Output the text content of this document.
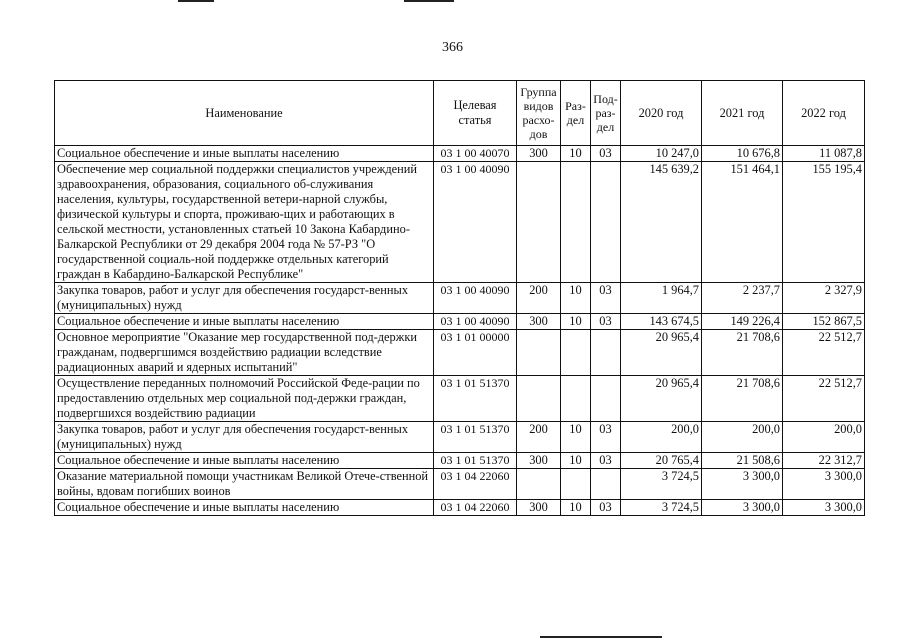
366
Наименование	Целевая статья	Группа видов расхо-дов	Раз-дел	Под-раз-дел	2020 год	2021 год	2022 год
Социальное обеспечение и иные выплаты населению	03 1 00 40070	300	10	03	10 247,0	10 676,8	11 087,8
Обеспечение мер социальной поддержки специалистов учреждений здравоохранения, образования, социального об-служивания населения, культуры, государственной ветери-нарной службы, физической культуры и спорта, проживаю-щих и работающих в сельской местности, установленных статьей 10 Закона Кабардино-Балкарской Республики от 29 декабря 2004 года № 57-РЗ "О государственной социаль-ной поддержке отдельных категорий граждан в Кабардино-Балкарской Республике"	03 1 00 40090				145 639,2	151 464,1	155 195,4
Закупка товаров, работ и услуг для обеспечения государст-венных (муниципальных) нужд	03 1 00 40090	200	10	03	1 964,7	2 237,7	2 327,9
Социальное обеспечение и иные выплаты населению	03 1 00 40090	300	10	03	143 674,5	149 226,4	152 867,5
Основное мероприятие "Оказание мер государственной под-держки гражданам, подвергшимся воздействию радиации вследствие радиационных аварий и ядерных испытаний"	03 1 01 00000				20 965,4	21 708,6	22 512,7
Осуществление переданных полномочий Российской Феде-рации по предоставлению отдельных мер социальной под-держки граждан, подвергшихся воздействию радиации	03 1 01 51370				20 965,4	21 708,6	22 512,7
Закупка товаров, работ и услуг для обеспечения государст-венных (муниципальных) нужд	03 1 01 51370	200	10	03	200,0	200,0	200,0
Социальное обеспечение и иные выплаты населению	03 1 01 51370	300	10	03	20 765,4	21 508,6	22 312,7
Оказание материальной помощи участникам Великой Отече-ственной войны, вдовам погибших воинов	03 1 04 22060				3 724,5	3 300,0	3 300,0
Социальное обеспечение и иные выплаты населению	03 1 04 22060	300	10	03	3 724,5	3 300,0	3 300,0
